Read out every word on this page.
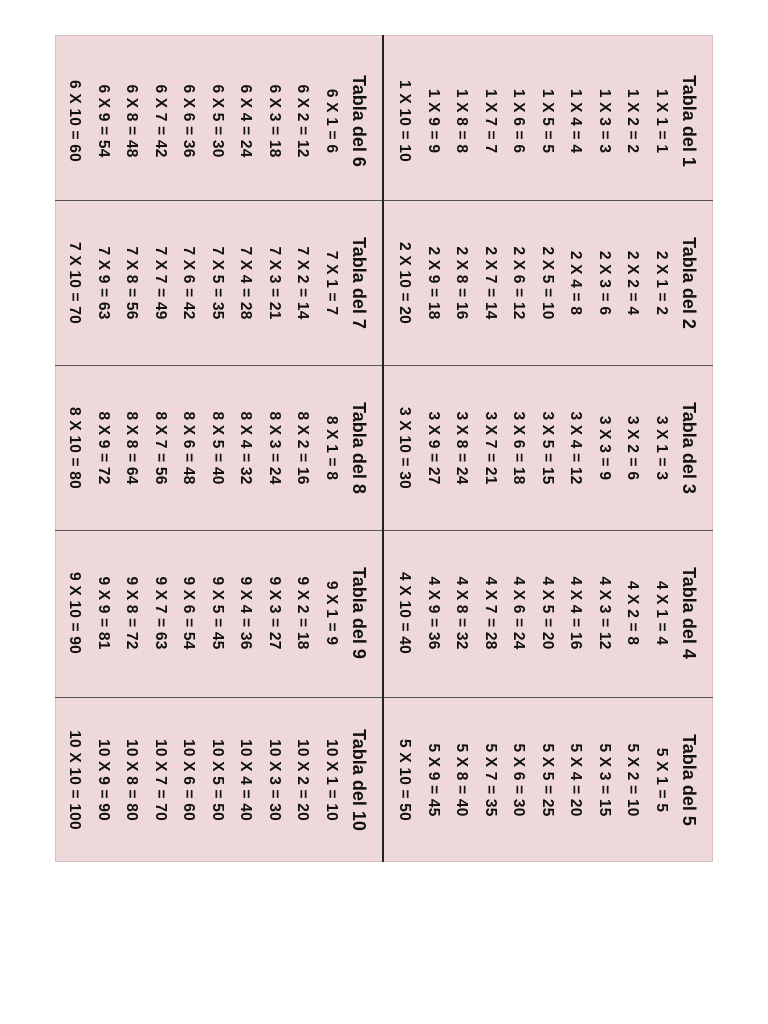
Tabla del 1
1 X 1 = 1
1 X 2 = 2
1 X 3 = 3
1 X 4 = 4
1 X 5 = 5
1 X 6 = 6
1 X 7 = 7
1 X 8 = 8
1 X 9 = 9
1 X 10 = 10
Tabla del 2
2 X 1 = 2
2 X 2 = 4
2 X 3 = 6
2 X 4 = 8
2 X 5 = 10
2 X 6 = 12
2 X 7 = 14
2 X 8 = 16
2 X 9 = 18
2 X 10 = 20
Tabla del 3
3 X 1 = 3
3 X 2 = 6
3 X 3 = 9
3 X 4 = 12
3 X 5 = 15
3 X 6 = 18
3 X 7 = 21
3 X 8 = 24
3 X 9 = 27
3 X 10 = 30
Tabla del 4
4 X 1 = 4
4 X 2 = 8
4 X 3 = 12
4 X 4 = 16
4 X 5 = 20
4 X 6 = 24
4 X 7 = 28
4 X 8 = 32
4 X 9 = 36
4 X 10 = 40
Tabla del 5
5 X 1 = 5
5 X 2 = 10
5 X 3 = 15
5 X 4 = 20
5 X 5 = 25
5 X 6 = 30
5 X 7 = 35
5 X 8 = 40
5 X 9 = 45
5 X 10 = 50
Tabla del 6
6 X 1 = 6
6 X 2 = 12
6 X 3 = 18
6 X 4 = 24
6 X 5 = 30
6 X 6 = 36
6 X 7 = 42
6 X 8 = 48
6 X 9 = 54
6 X 10 = 60
Tabla del 7
7 X 1 = 7
7 X 2 = 14
7 X 3 = 21
7 X 4 = 28
7 X 5 = 35
7 X 6 = 42
7 X 7 = 49
7 X 8 = 56
7 X 9 = 63
7 X 10 = 70
Tabla del 8
8 X 1 = 8
8 X 2 = 16
8 X 3 = 24
8 X 4 = 32
8 X 5 = 40
8 X 6 = 48
8 X 7 = 56
8 X 8 = 64
8 X 9 = 72
8 X 10 = 80
Tabla del 9
9 X 1 = 9
9 X 2 = 18
9 X 3 = 27
9 X 4 = 36
9 X 5 = 45
9 X 6 = 54
9 X 7 = 63
9 X 8 = 72
9 X 9 = 81
9 X 10 = 90
Tabla del 10
10 X 1 = 10
10 X 2 = 20
10 X 3 = 30
10 X 4 = 40
10 X 5 = 50
10 X 6 = 60
10 X 7 = 70
10 X 8 = 80
10 X 9 = 90
10 X 10 = 100
